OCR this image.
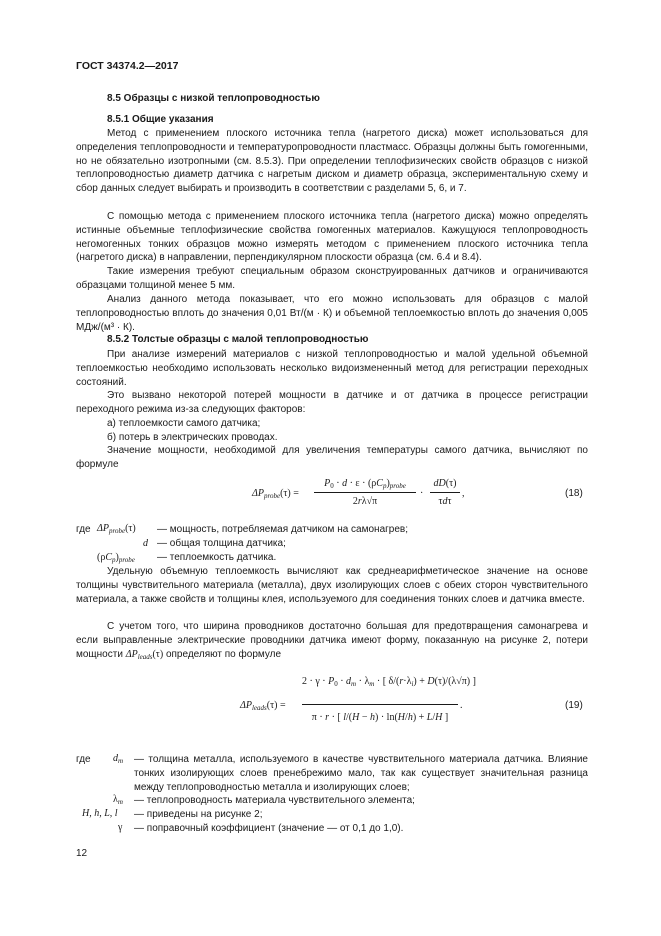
ГОСТ 34374.2—2017
8.5 Образцы с низкой теплопроводностью
8.5.1 Общие указания
Метод с применением плоского источника тепла (нагретого диска) может использоваться для определения теплопроводности и температуропроводности пластмасс. Образцы должны быть гомогенными, но не обязательно изотропными (см. 8.5.3). При определении теплофизических свойств образцов с низкой теплопроводностью диаметр датчика с нагретым диском и диаметр образца, экспериментальную схему и сбор данных следует выбирать и производить в соответствии с разделами 5, 6, и 7.
С помощью метода с применением плоского источника тепла (нагретого диска) можно определять истинные объемные теплофизические свойства гомогенных материалов. Кажущуюся теплопроводность негомогенных тонких образцов можно измерять методом с применением плоского источника тепла (нагретого диска) в направлении, перпендикулярном плоскости образца (см. 6.4 и 8.4).
Такие измерения требуют специальным образом сконструированных датчиков и ограничиваются образцами толщиной менее 5 мм.
Анализ данного метода показывает, что его можно использовать для образцов с малой теплопроводностью вплоть до значения 0,01 Вт/(м · К) и объемной теплоемкостью вплоть до значения 0,005 МДж/(м³ · К).
8.5.2 Толстые образцы с малой теплопроводностью
При анализе измерений материалов с низкой теплопроводностью и малой удельной объемной теплоемкостью необходимо использовать несколько видоизмененный метод для регистрации переходных состояний.
Это вызвано некоторой потерей мощности в датчике и от датчика в процессе регистрации переходного режима из-за следующих факторов:
а) теплоемкости самого датчика;
б) потерь в электрических проводах.
Значение мощности, необходимой для увеличения температуры самого датчика, вычисляют по формуле
$\Delta P_{probe}(\tau)$ =
$P_0 \cdot d \cdot \varepsilon \cdot (\rho C_p)_{probe}$
2rλ√π
·
dD(τ)
τdτ
,	(18)
где $\Delta P_{probe}(\tau)$ — мощность, потребляемая датчиком на самонагрев;
d — общая толщина датчика;
$(\rho C_p)_{probe}$ — теплоемкость датчика.
Удельную объемную теплоемкость вычисляют как среднеарифметическое значение на основе толщины чувствительного материала (металла), двух изолирующих слоев с обеих сторон чувствительного материала, а также свойств и толщины клея, используемого для соединения тонких слоев и датчика вместе.
С учетом того, что ширина проводников достаточно большая для предотвращения самонагрева и если выправленные электрические проводники датчика имеют форму, показанную на рисунке 2, потери мощности $\Delta P_{leads}(\tau)$ определяют по формуле
$\Delta P_{leads}(\tau)$ =
$2 \cdot \gamma \cdot P_0 \cdot d_m \cdot \lambda_m$ · [ $\delta/(r\cdot\lambda_i) + D(\tau)/(\lambda√\pi)$ ]
π · r · [ l/(H − h) · ln(H/h) + L/H ]
.	(19)
где $d_m$ — толщина металла, используемого в качестве чувствительного материала датчика. Влияние тонких изолирующих слоев пренебрежимо мало, так как существует значительная разница между теплопроводностью металла и изолирующих слоев;
$\lambda_m$ — теплопроводность материала чувствительного элемента;
H, h, L, l — приведены на рисунке 2;
γ — поправочный коэффициент (значение — от 0,1 до 1,0).
12
